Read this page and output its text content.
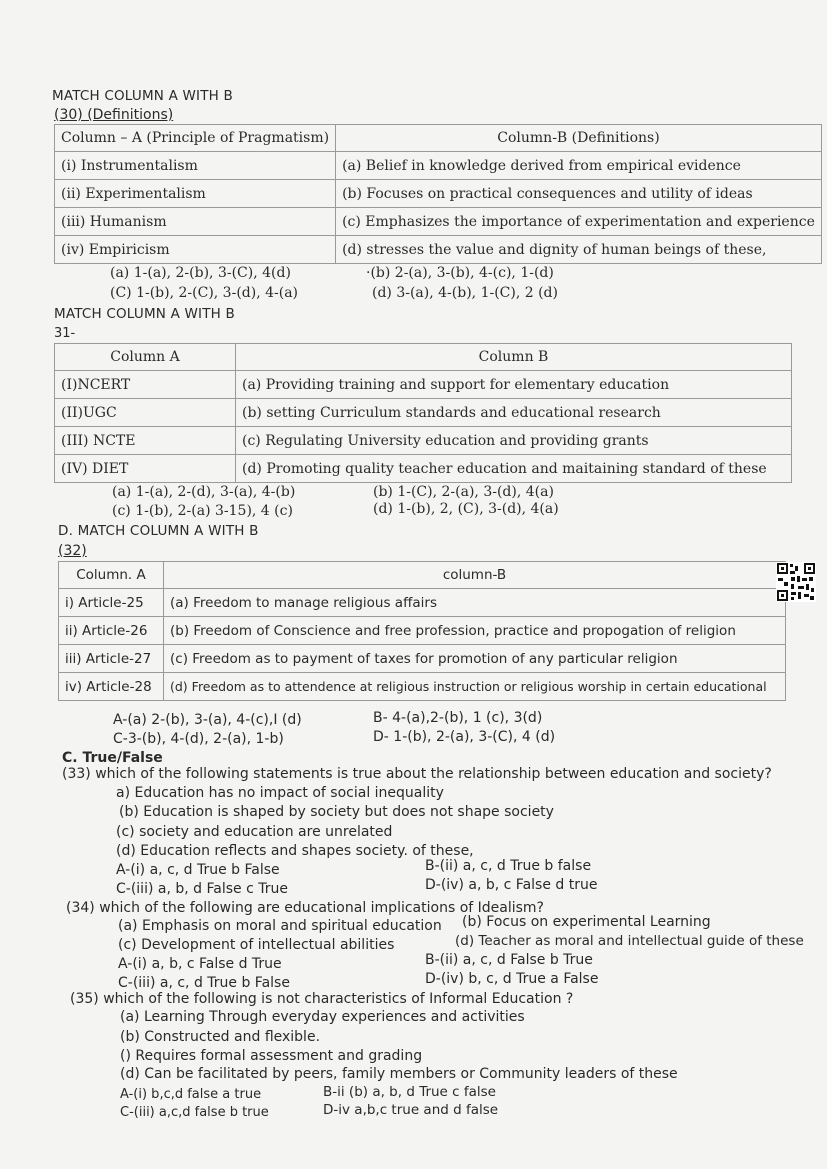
MATCH COLUMN A WITH B
(30) (Definitions)
Column – A (Principle of Pragmatism)	Column-B (Definitions)
(i) Instrumentalism	(a) Belief in knowledge derived from empirical evidence
(ii) Experimentalism	(b) Focuses on practical consequences and utility of ideas
(iii) Humanism	(c) Emphasizes the importance of experimentation and experience
(iv) Empiricism	(d) stresses the value and dignity of human beings of these,
(a) 1-(a), 2-(b), 3-(C), 4(d)	·(b) 2-(a), 3-(b), 4-(c), 1-(d)
(C) 1-(b), 2-(C), 3-(d), 4-(a)	(d) 3-(a), 4-(b), 1-(C), 2 (d)
MATCH COLUMN A WITH B
31-
Column A	Column B
(I)NCERT	(a) Providing training and support for elementary education
(II)UGC	(b) setting Curriculum standards and educational research
(III) NCTE	(c) Regulating University education and providing grants
(IV) DIET	(d) Promoting quality teacher education and maitaining standard of these
(a) 1-(a), 2-(d), 3-(a), 4-(b)	(b) 1-(C), 2-(a), 3-(d), 4(a)
(c) 1-(b), 2-(a) 3-15), 4 (c)	(d) 1-(b), 2, (C), 3-(d), 4(a)
D. MATCH COLUMN A WITH B
(32)
Column. A	column-B
i) Article-25	(a) Freedom to manage religious affairs
ii) Article-26	(b) Freedom of Conscience and free profession, practice and propogation of religion
iii) Article-27	(c) Freedom as to payment of taxes for promotion of any particular religion
iv) Article-28	(d) Freedom as to attendence at religious instruction or religious worship in certain educational
A-(a) 2-(b), 3-(a), 4-(c),I (d)	B- 4-(a),2-(b), 1 (c), 3(d)
C-3-(b), 4-(d), 2-(a), 1-b)	D- 1-(b), 2-(a), 3-(C), 4 (d)
C. True/False
(33) which of the following statements is true about the relationship between education and society?
a) Education has no impact of social inequality
(b) Education is shaped by society but does not shape society
(c) society and education are unrelated
(d) Education reflects and shapes society. of these,
A-(i) a, c, d True b False	B-(ii) a, c, d True b false
C-(iii) a, b, d False c True	D-(iv) a, b, c False d true
(34) which of the following are educational implications of Idealism?
(a) Emphasis on moral and spiritual education (b) Focus on experimental Learning
(c) Development of intellectual abilities	(d) Teacher as moral and intellectual guide of these
A-(i) a, b, c False d True	B-(ii) a, c, d False b True
C-(iii) a, c, d True b False	D-(iv) b, c, d True a False
(35) which of the following is not characteristics of Informal Education ?
(a) Learning Through everyday experiences and activities
(b) Constructed and flexible.
() Requires formal assessment and grading
(d) Can be facilitated by peers, family members or Community leaders of these
A-(i) b,c,d false a true	B-ii (b) a, b, d True c false
C-(iii) a,c,d false b true	D-iv a,b,c true and d false
